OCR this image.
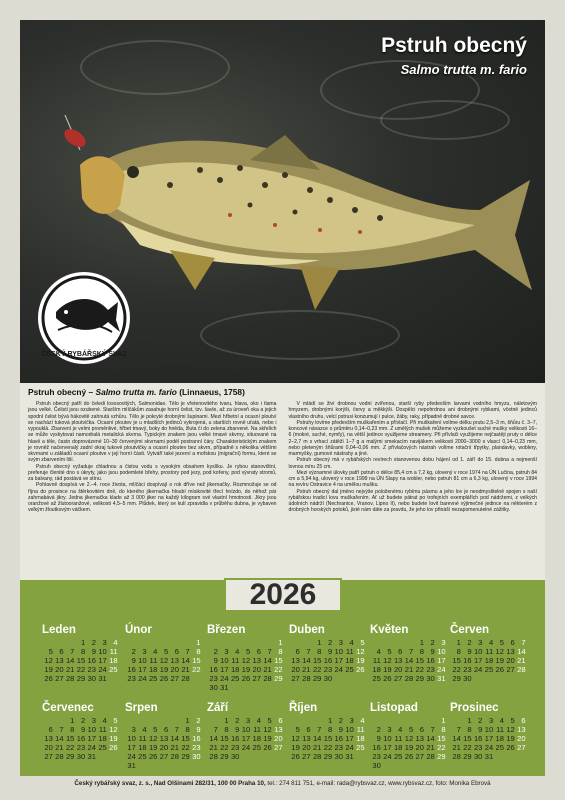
Pstruh obecný
Salmo trutta m. fario
ČESKÝ RYBÁŘSKÝ SVAZ
Pstruh obecný – Salmo trutta m. fario (Linnaeus, 1758)

Pstruh obecný patří do čeledi lososovitých, Salmonidae. Tělo je vřetenovitého tvaru, hlava, oko i tlama jsou velké. Čelisti jsou ozubené. Starším mlíčákům zasahuje horní čelist, tzv. šavle, až za úroveň oka a jejich spodní čelist bývá hákovitě zahnutá vzhůru. Tělo je pokryté drobnými šupinami. Mezi hřbetní a ocasní ploutví se nachází tuková ploutvička. Ocasní ploutev je u mladších jedinců vykrojená, u starších rovně uťatá, nebo i vypouklá. Zbarvení je velmi proměnlivé, hřbet tmavý, boky do hněda, žluta či do zelena zbarvené. Na skřelích se může vyskytovat namodralá metalická skvrna. Typickým znakem jsou velké tmavé skvrny, situované na hlavě a těle, často doprovázené 10–30 červenými skvrnami podél postranní čáry. Charakteristickým znakem je rovněž načervenalý zadní okraj tukové ploutvičky a ocasní ploutev bez skvrn, případně s několika většími skvrnami u základů ocasní ploutve v její horní části. Vytváří také jezerní a mořskou (migrační) formu, které se svým zbarvením liší.

Pstruh obecný vyžaduje chladnou a čistou vodu s vysokým obsahem kyslíku. Je rybou stanovištní, preferuje členité dno s úkryty, jako jsou podemleté břehy, prostory pod jezy, pod kořeny, pod vývraty stromů, za balvany, rád postává ve stínu.

Pohlavně dospívá ve 2.–4. roce života, mlíčáci dospívají o rok dříve než jikernačky. Rozmnožuje se od října do prosince na štěrkovitém dně, do kterého jikernačka hloubí mísikovité třecí hnízdo, do něhož pár zahrnabává jikry. Jedna jikernačka klade až 3 000 jiker na každý kilogram své vlastní hmotnosti. Jikry jsou oranžové až žlutooranžové, velikosti 4,5–5 mm. Plůdek, který se kulí zpravidla v průběhu dubna, je vybaven velkým žloutkovým váčkem.

V mládí se živí drobnou vodní zvířenou, starší ryby především larvami vodního hmyzu, náletovým hmyzem, drobnými korýši, červy a měkkýši. Dospělci nepohrdnou ani drobnými rybkami, včetně jedinců vlastního druhu, velcí pstrusi konzumují i pulce, žáby, raky, případně drobné savce.

Pstruhy lovíme především muškařením a přívlačí. Při muškaření volíme délku prutu 2,5–3 m, šňůru č. 3–7, koncové návazce o průměru 0,14–0,23 mm. Z umělých mušek můžeme vyzkoušet suché mušky velikosti 16–6 (mokré, suché, nymfy), na větší jedince využijeme streamery. Při přívlači využijeme nejčastěji pruty o délce 2–2,7 m s vrhací zátěží 1–7 g a malými smekacím navijákem velikosti 2000–3000 s vlascí 0,14–0,23 mm, nebo pleteným šňůrami 0,04–0,06 mm. Z přívlačových nástrah volíme rotační třpytky, plandavky, woblery, marmyšky, gumové nástrahy a jiné.

Pstruh obecný má v rybářských revírech stanovenou dobu hájení od 1. září do 15. dubna a nejmenší lovnou míru 25 cm.

Mezi významné úlovky patří pstruh o délce 85,4 cm a 7,2 kg, ulovený v roce 1974 na ÚN Lučina, pstruh 84 cm a 5,94 kg, ulovený v roce 1999 na ÚN Slapy na wobler, nebo pstruh 81 cm a 6,3 kg, ulovený v roce 1994 na revíru Ostravice 4 na umělou mušku.

Pstruh obecný dal jméno nejvýše položenému rybímu pásmu a jeho lov je neodmyslitelně spojen s naší rybářskou tradicí lovu muškařením. Ať už budete pátrat po trofejních exemplářích pod nádržemi, z velkých údolních nádrží (Nechranice, Vranov, Lipno II), nebo budete lovit barevné výjimečné jedince na některém z drobných horských potoků, jisté nám dáte za pravdu, že jeho lov přináší nezapomenutelné zážitky.

2026
Leden
1 2 3 4
5 6 7 8 9 10 11
12 13 14 15 16 17 18
19 20 21 22 23 24 25
26 27 28 29 30 31
Únor
1
2 3 4 5 6 7 8
9 10 11 12 13 14 15
16 17 18 19 20 21 22
23 24 25 26 27 28
Březen
1
2 3 4 5 6 7 8
9 10 11 12 13 14 15
16 17 18 19 20 21 22
23 24 25 26 27 28 29
30 31
Duben
1 2 3 4 5
6 7 8 9 10 11 12
13 14 15 16 17 18 19
20 21 22 23 24 25 26
27 28 29 30
Květen
1 2 3
4 5 6 7 8 9 10
11 12 13 14 15 16 17
18 19 20 21 22 23 24
25 26 27 28 29 30 31
Červen
1 2 3 4 5 6 7
8 9 10 11 12 13 14
15 16 17 18 19 20 21
22 23 24 25 26 27 28
29 30
Červenec
1 2 3 4 5
6 7 8 9 10 11 12
13 14 15 16 17 18 19
20 21 22 23 24 25 26
27 28 29 30 31
Srpen
1 2
3 4 5 6 7 8 9
10 11 12 13 14 15 16
17 18 19 20 21 22 23
24 25 26 27 28 29 30
31
Září
1 2 3 4 5 6
7 8 9 10 11 12 13
14 15 16 17 18 19 20
21 22 23 24 25 26 27
28 29 30
Říjen
1 2 3 4
5 6 7 8 9 10 11
12 13 14 15 16 17 18
19 20 21 22 23 24 25
26 27 28 29 30 31
Listopad
1
2 3 4 5 6 7 8
9 10 11 12 13 14 15
16 17 18 19 20 21 22
23 24 25 26 27 28 29
30
Prosinec
1 2 3 4 5 6
7 8 9 10 11 12 13
14 15 16 17 18 19 20
21 22 23 24 25 26 27
28 29 30 31
Český rybářský svaz, z. s., Nad Olšinami 282/31, 100 00 Praha 10, tel.: 274 811 751, e-mail: rada@rybsvaz.cz, www.rybsvaz.cz, foto: Monika Ebrová
